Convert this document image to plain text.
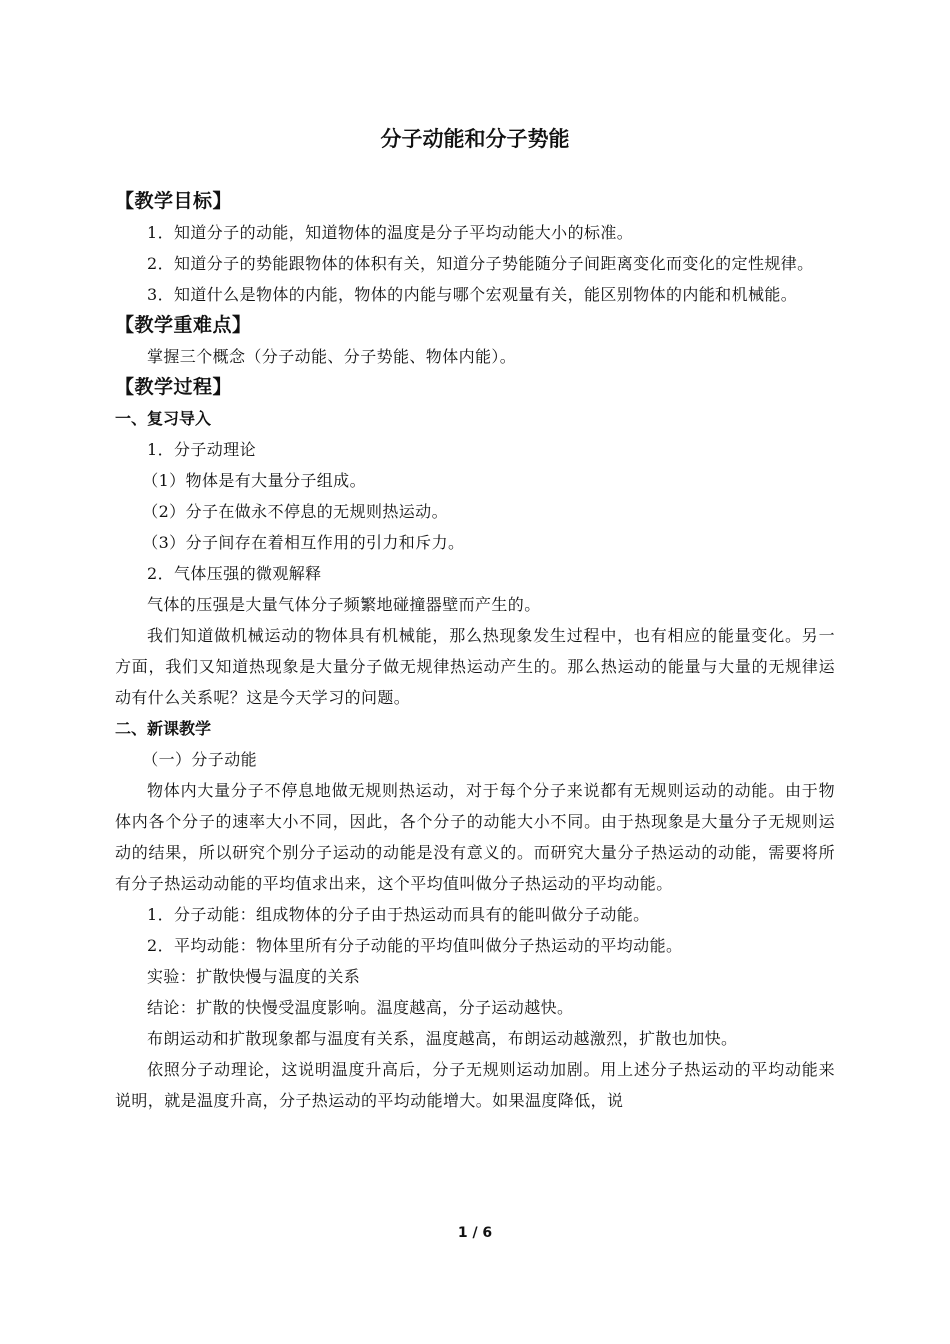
分子动能和分子势能
【教学目标】

1．知道分子的动能，知道物体的温度是分子平均动能大小的标准。

2．知道分子的势能跟物体的体积有关，知道分子势能随分子间距离变化而变化的定性规律。

3．知道什么是物体的内能，物体的内能与哪个宏观量有关，能区别物体的内能和机械能。

【教学重难点】

掌握三个概念（分子动能、分子势能、物体内能）。

【教学过程】
一、复习导入

1．分子动理论

（1）物体是有大量分子组成。

（2）分子在做永不停息的无规则热运动。

（3）分子间存在着相互作用的引力和斥力。

2．气体压强的微观解释

气体的压强是大量气体分子频繁地碰撞器壁而产生的。

我们知道做机械运动的物体具有机械能，那么热现象发生过程中，也有相应的能量变化。另一方面，我们又知道热现象是大量分子做无规律热运动产生的。那么热运动的能量与大量的无规律运动有什么关系呢？这是今天学习的问题。

二、新课教学

（一）分子动能

物体内大量分子不停息地做无规则热运动，对于每个分子来说都有无规则运动的动能。由于物体内各个分子的速率大小不同，因此，各个分子的动能大小不同。由于热现象是大量分子无规则运动的结果，所以研究个别分子运动的动能是没有意义的。而研究大量分子热运动的动能，需要将所有分子热运动动能的平均值求出来，这个平均值叫做分子热运动的平均动能。

1．分子动能：组成物体的分子由于热运动而具有的能叫做分子动能。

2．平均动能：物体里所有分子动能的平均值叫做分子热运动的平均动能。

实验：扩散快慢与温度的关系

结论：扩散的快慢受温度影响。温度越高，分子运动越快。

布朗运动和扩散现象都与温度有关系，温度越高，布朗运动越激烈，扩散也加快。

依照分子动理论，这说明温度升高后，分子无规则运动加剧。用上述分子热运动的平均动能来说明，就是温度升高，分子热运动的平均动能增大。如果温度降低，说

1 / 6
